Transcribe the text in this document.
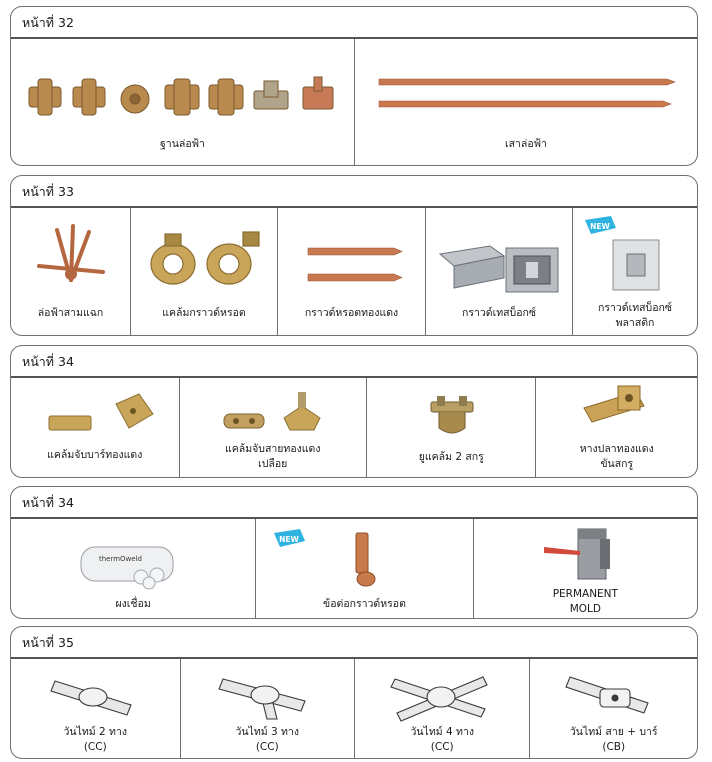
หน้าที่ 32
ฐานล่อฟ้า	เสาล่อฟ้า
หน้าที่ 33
ล่อฟ้าสามแฉก	แคล้มกราวด์หรอต	กราวด์หรอตทองแดง	กราวด์เทสบ็อกซ์
NEW
กราวด์เทสบ็อกซ์
พลาสติก
หน้าที่ 34
แคล้มจับบาร์ทองแดง	แคล้มจับสายทองแดง
เปลือย
ยูแคล้ม 2 สกรู
หางปลาทองแดง
ขันสกรู
หน้าที่ 34
thermOweld
ผงเชื่อม
NEW
ข้อต่อกราวด์หรอต
PERMANENT
MOLD
หน้าที่ 35
วันไทม์ 2 ทาง
(CC)
วันไทม์ 3 ทาง
(CC)
วันไทม์ 4 ทาง
(CC)
วันไทม์ สาย + บาร์
(CB)
